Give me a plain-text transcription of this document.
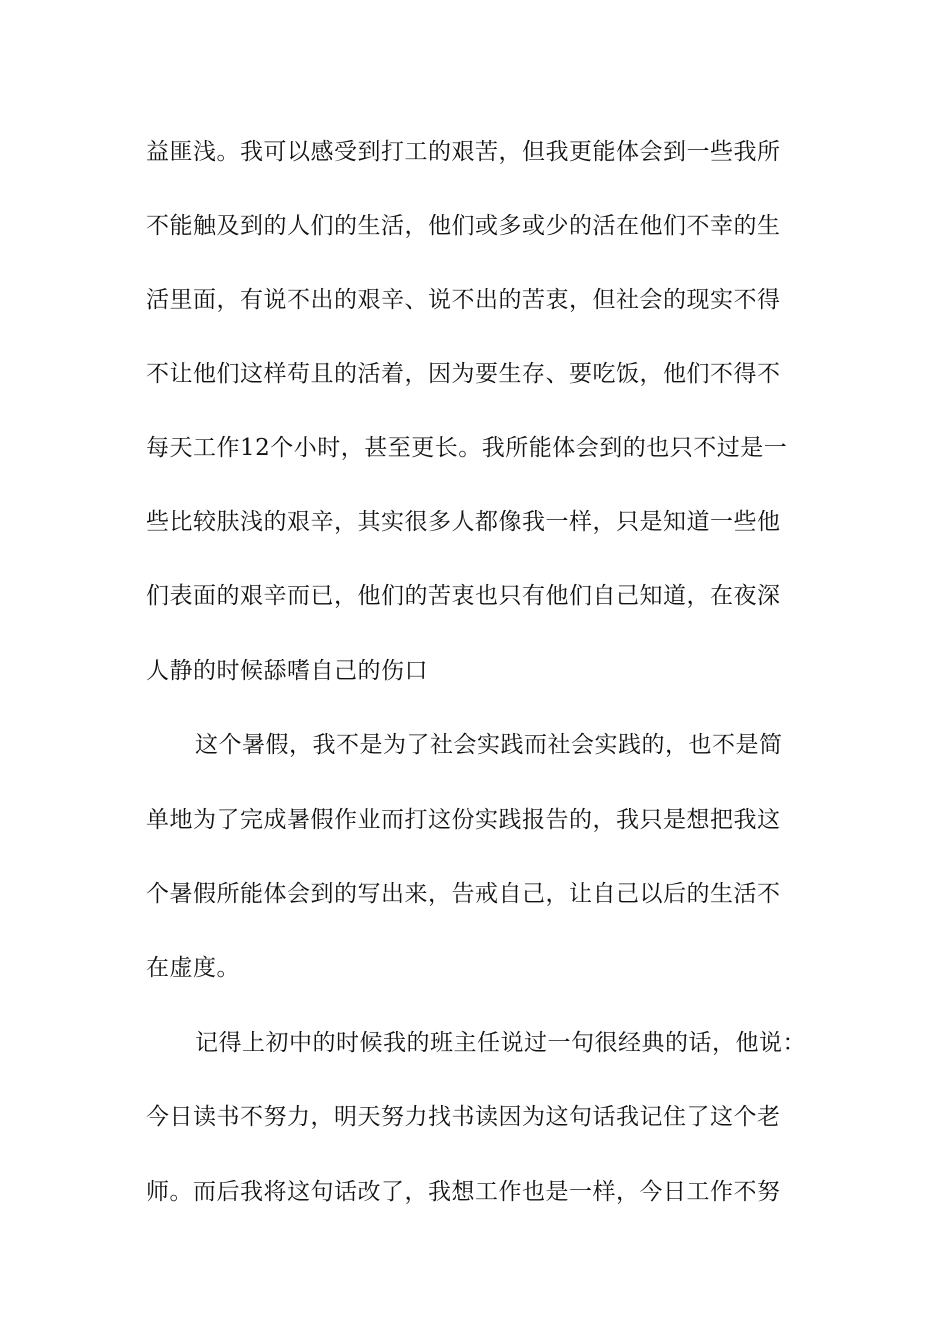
益匪浅。我可以感受到打工的艰苦，但我更能体会到一些我所
不能触及到的人们的生活，他们或多或少的活在他们不幸的生
活里面，有说不出的艰辛、说不出的苦衷，但社会的现实不得
不让他们这样苟且的活着，因为要生存、要吃饭，他们不得不
每天工作12个小时，甚至更长。我所能体会到的也只不过是一
些比较肤浅的艰辛，其实很多人都像我一样，只是知道一些他
们表面的艰辛而已，他们的苦衷也只有他们自己知道，在夜深
人静的时候舔嗜自己的伤口
这个暑假，我不是为了社会实践而社会实践的，也不是简
单地为了完成暑假作业而打这份实践报告的，我只是想把我这
个暑假所能体会到的写出来，告戒自己，让自己以后的生活不
在虚度。
记得上初中的时候我的班主任说过一句很经典的话，他说：
今日读书不努力，明天努力找书读因为这句话我记住了这个老
师。而后我将这句话改了，我想工作也是一样，今日工作不努
